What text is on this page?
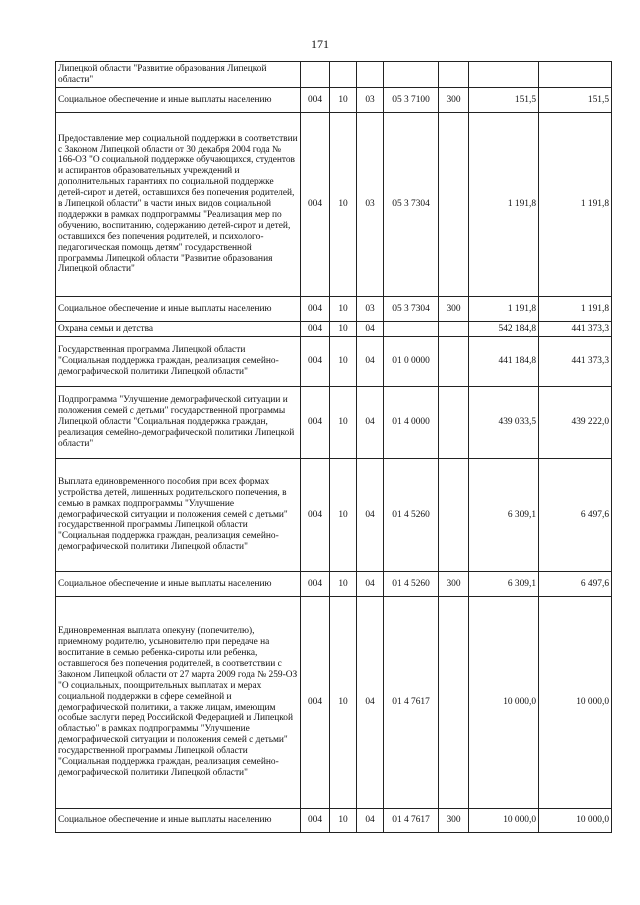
171
Липецкой области "Развитие образования Липецкой области"							
Социальное обеспечение и иные выплаты населению	004	10	03	05 3 7100	300	151,5	151,5
Предоставление мер социальной поддержки в соответствии с Законом Липецкой области от 30 декабря 2004 года № 166-ОЗ "О социальной поддержке обучающихся, студентов и аспирантов образовательных учреждений и дополнительных гарантиях по социальной поддержке детей-сирот и детей, оставшихся без попечения родителей, в Липецкой области" в части иных видов социальной поддержки в рамках подпрограммы "Реализация мер по обучению, воспитанию, содержанию детей-сирот и детей, оставшихся без попечения родителей, и психолого-педагогическая помощь детям" государственной программы Липецкой области "Развитие образования Липецкой области"	004	10	03	05 3 7304		1 191,8	1 191,8
Социальное обеспечение и иные выплаты населению	004	10	03	05 3 7304	300	1 191,8	1 191,8
Охрана семьи и детства	004	10	04			542 184,8	441 373,3
Государственная программа Липецкой области "Социальная поддержка граждан, реализация семейно-демографической политики Липецкой области"	004	10	04	01 0 0000		441 184,8	441 373,3
Подпрограмма "Улучшение демографической ситуации и положения семей с детьми" государственной программы Липецкой области "Социальная поддержка граждан, реализация семейно-демографической политики Липецкой области"	004	10	04	01 4 0000		439 033,5	439 222,0
Выплата единовременного пособия при всех формах устройства детей, лишенных родительского попечения, в семью в рамках подпрограммы "Улучшение демографической ситуации и положения семей с детьми" государственной программы Липецкой области "Социальная поддержка граждан, реализация семейно-демографической политики Липецкой области"	004	10	04	01 4 5260		6 309,1	6 497,6
Социальное обеспечение и иные выплаты населению	004	10	04	01 4 5260	300	6 309,1	6 497,6
Единовременная выплата опекуну (попечителю), приемному родителю, усыновителю при передаче на воспитание в семью ребенка-сироты или ребенка, оставшегося без попечения родителей, в соответствии с Законом Липецкой области от 27 марта 2009 года № 259-ОЗ "О социальных, поощрительных выплатах и мерах социальной поддержки в сфере семейной и демографической политики, а также лицам, имеющим особые заслуги перед Российской Федерацией и Липецкой областью" в рамках подпрограммы "Улучшение демографической ситуации и положения семей с детьми" государственной программы Липецкой области "Социальная поддержка граждан, реализация семейно-демографической политики Липецкой области"	004	10	04	01 4 7617		10 000,0	10 000,0
Социальное обеспечение и иные выплаты населению	004	10	04	01 4 7617	300	10 000,0	10 000,0
